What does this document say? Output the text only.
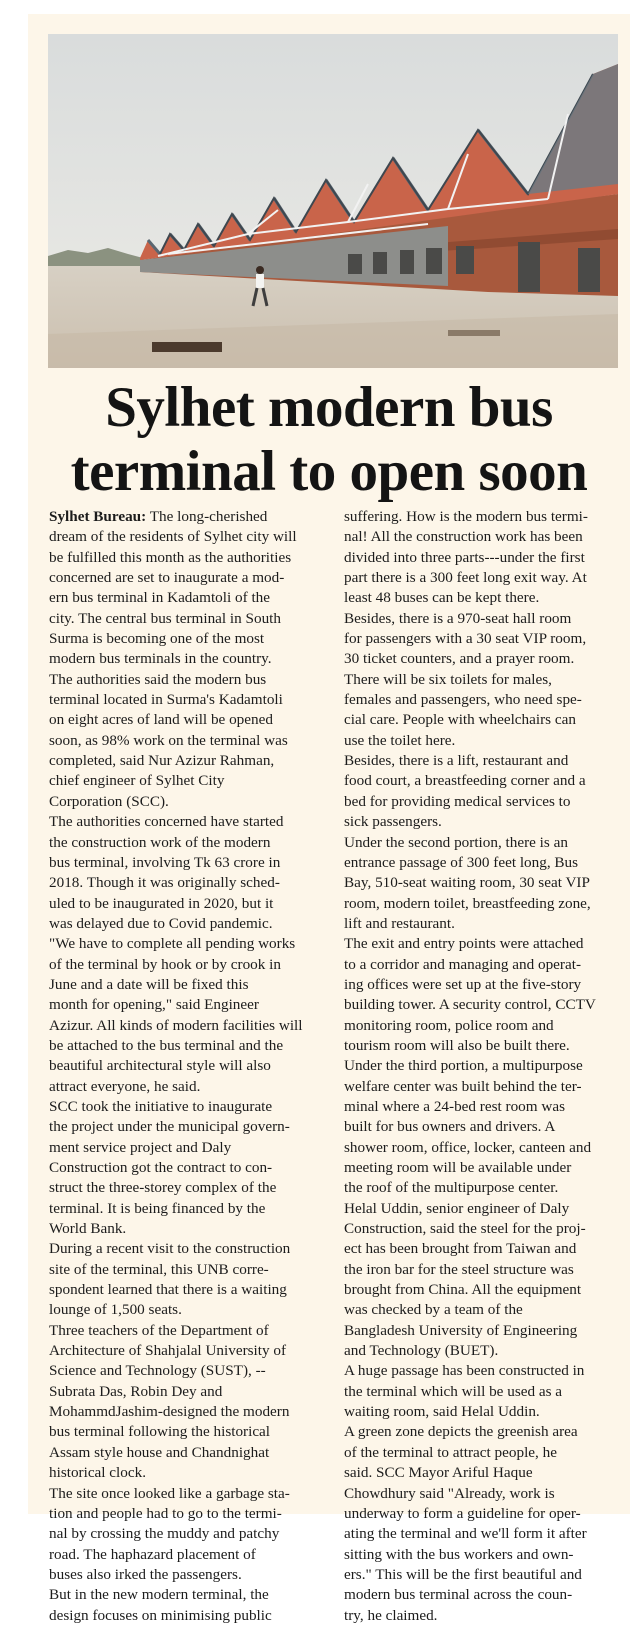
Sylhet modern bus
terminal to open soon

Sylhet Bureau: The long-cherished

dream of the residents of Sylhet city will

be fulfilled this month as the authorities

concerned are set to inaugurate a mod-

ern bus terminal in Kadamtoli of the

city. The central bus terminal in South

Surma is becoming one of the most

modern bus terminals in the country.

The authorities said the modern bus

terminal located in Surma's Kadamtoli

on eight acres of land will be opened

soon, as 98% work on the terminal was

completed, said Nur Azizur Rahman,

chief engineer of Sylhet City

Corporation (SCC).

The authorities concerned have started

the construction work of the modern

bus terminal, involving Tk 63 crore in

2018. Though it was originally sched-

uled to be inaugurated in 2020, but it

was delayed due to Covid pandemic.

"We have to complete all pending works

of the terminal by hook or by crook in

June and a date will be fixed this

month for opening," said Engineer

Azizur. All kinds of modern facilities will

be attached to the bus terminal and the

beautiful architectural style will also

attract everyone, he said.

SCC took the initiative to inaugurate

the project under the municipal govern-

ment service project and Daly

Construction got the contract to con-

struct the three-storey complex of the

terminal. It is being financed by the

World Bank.

During a recent visit to the construction

site of the terminal, this UNB corre-

spondent learned that there is a waiting

lounge of 1,500 seats.

Three teachers of the Department of

Architecture of Shahjalal University of

Science and Technology (SUST), --

Subrata Das, Robin Dey and

MohammdJashim-designed the modern

bus terminal following the historical

Assam style house and Chandnighat

historical clock.

The site once looked like a garbage sta-

tion and people had to go to the termi-

nal by crossing the muddy and patchy

road. The haphazard placement of

buses also irked the passengers.

But in the new modern terminal, the

design focuses on minimising public

suffering. How is the modern bus termi-

nal! All the construction work has been

divided into three parts---under the first

part there is a 300 feet long exit way. At

least 48 buses can be kept there.

Besides, there is a 970-seat hall room

for passengers with a 30 seat VIP room,

30 ticket counters, and a prayer room.

There will be six toilets for males,

females and passengers, who need spe-

cial care. People with wheelchairs can

use the toilet here.

Besides, there is a lift, restaurant and

food court, a breastfeeding corner and a

bed for providing medical services to

sick passengers.

Under the second portion, there is an

entrance passage of 300 feet long, Bus

Bay, 510-seat waiting room, 30 seat VIP

room, modern toilet, breastfeeding zone,

lift and restaurant.

The exit and entry points were attached

to a corridor and managing and operat-

ing offices were set up at the five-story

building tower. A security control, CCTV

monitoring room, police room and

tourism room will also be built there.

Under the third portion, a multipurpose

welfare center was built behind the ter-

minal where a 24-bed rest room was

built for bus owners and drivers. A

shower room, office, locker, canteen and

meeting room will be available under

the roof of the multipurpose center.

Helal Uddin, senior engineer of Daly

Construction, said the steel for the proj-

ect has been brought from Taiwan and

the iron bar for the steel structure was

brought from China. All the equipment

was checked by a team of the

Bangladesh University of Engineering

and Technology (BUET).

A huge passage has been constructed in

the terminal which will be used as a

waiting room, said Helal Uddin.

A green zone depicts the greenish area

of the terminal to attract people, he

said. SCC Mayor Ariful Haque

Chowdhury said "Already, work is

underway to form a guideline for oper-

ating the terminal and we'll form it after

sitting with the bus workers and own-

ers." This will be the first beautiful and

modern bus terminal across the coun-

try, he claimed.
